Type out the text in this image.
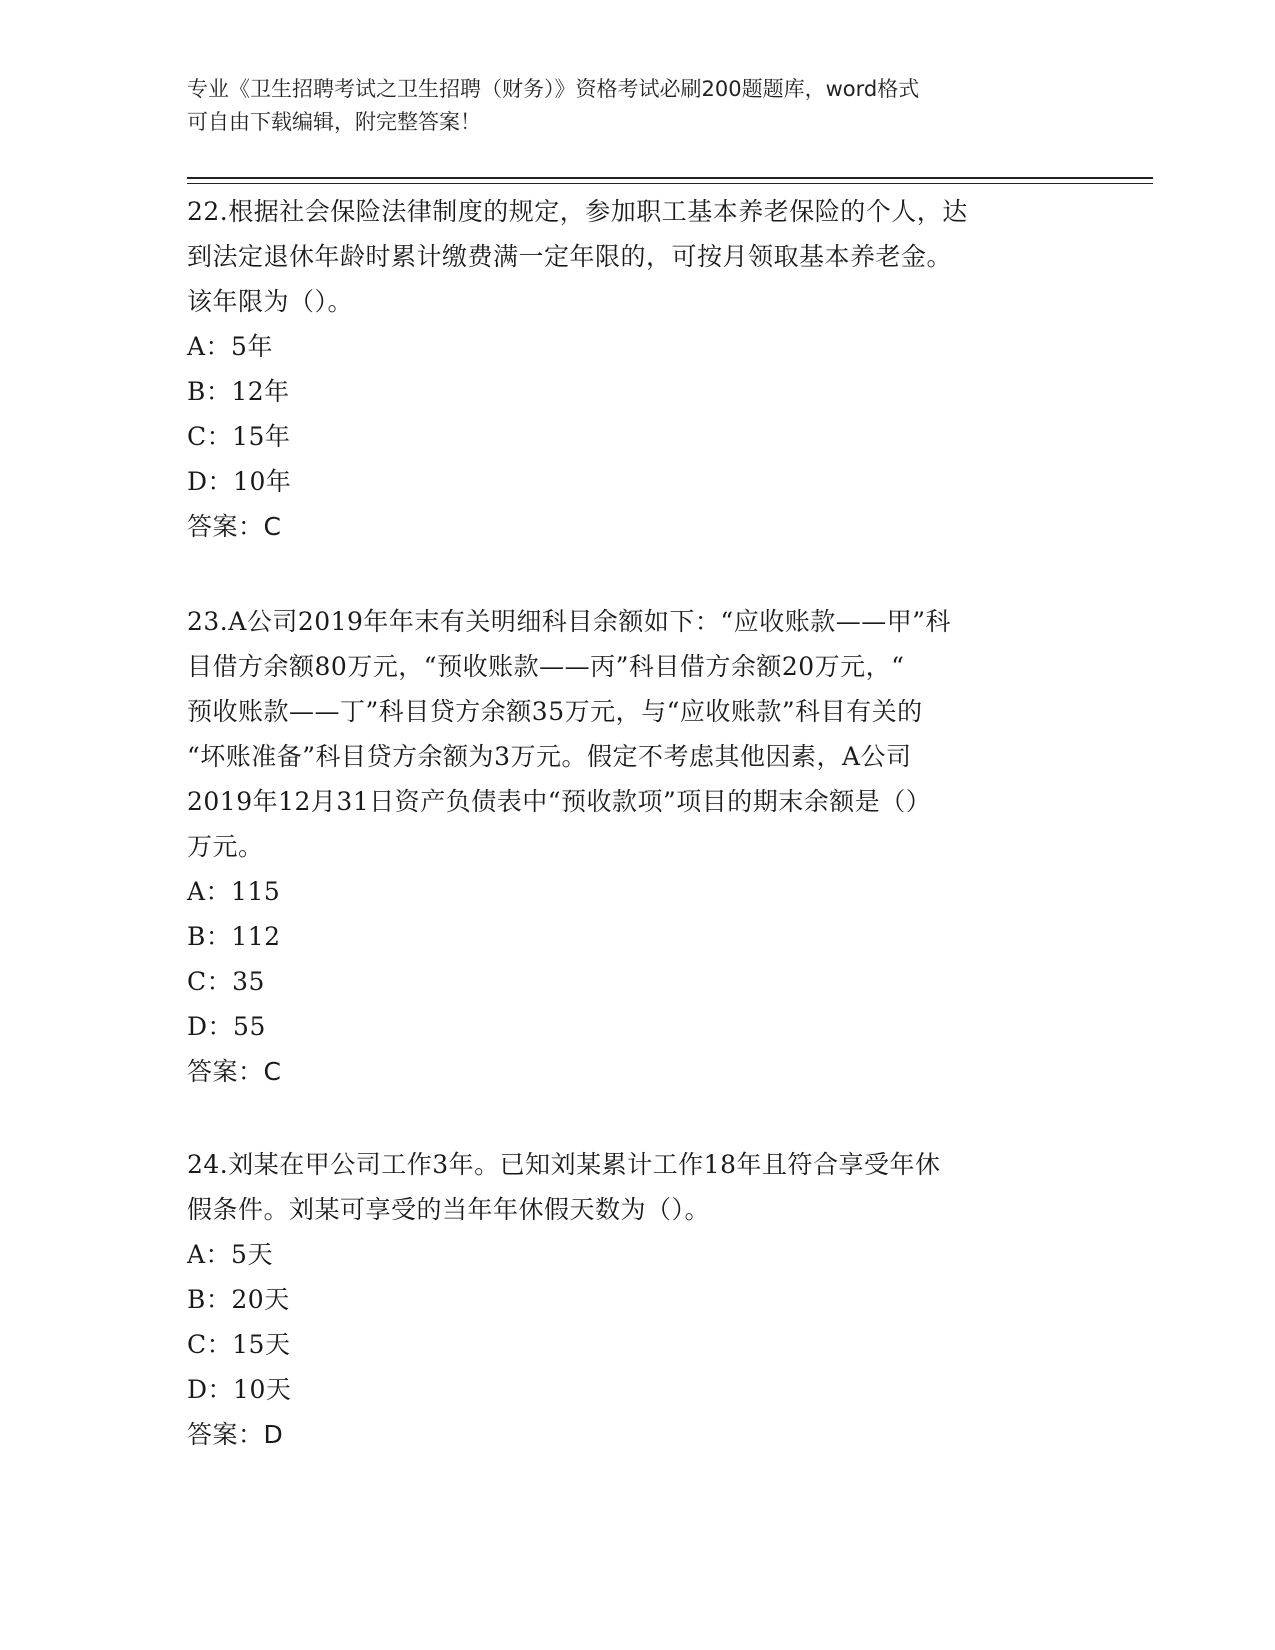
专业《卫生招聘考试之卫生招聘（财务）》资格考试必刷200题题库，word格式
可自由下载编辑，附完整答案！

22.根据社会保险法律制度的规定，参加职工基本养老保险的个人，达

到法定退休年龄时累计缴费满一定年限的，可按月领取基本养老金。

该年限为（）。

A：5年

B：12年

C：15年

D：10年

答案：C

23.A公司2019年年末有关明细科目余额如下：“应收账款——甲”科

目借方余额80万元，“预收账款——丙”科目借方余额20万元，“

预收账款——丁”科目贷方余额35万元，与“应收账款”科目有关的

“坏账准备”科目贷方余额为3万元。假定不考虑其他因素，A公司

2019年12月31日资产负债表中“预收款项”项目的期末余额是（）

万元。

A：115

B：112

C：35

D：55

答案：C

24.刘某在甲公司工作3年。已知刘某累计工作18年且符合享受年休

假条件。刘某可享受的当年年休假天数为（）。

A：5天

B：20天

C：15天

D：10天

答案：D
